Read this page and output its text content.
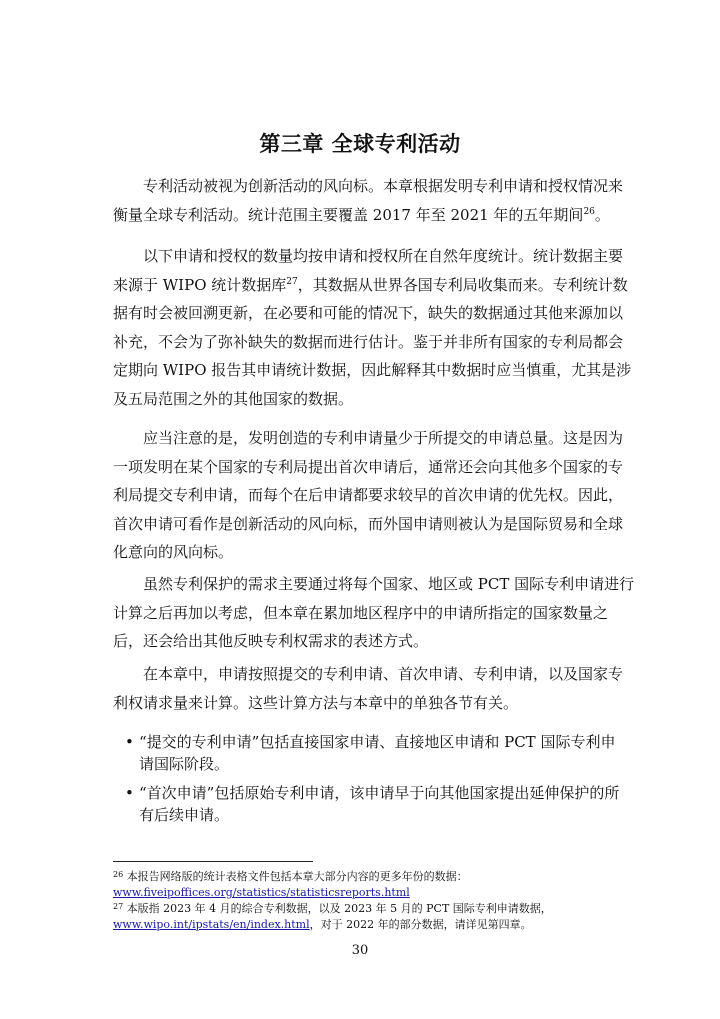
第三章 全球专利活动
专利活动被视为创新活动的风向标。本章根据发明专利申请和授权情况来
衡量全球专利活动。统计范围主要覆盖 2017 年至 2021 年的五年期间$^{26}$。
以下申请和授权的数量均按申请和授权所在自然年度统计。统计数据主要
来源于 WIPO 统计数据库$^{27}$，其数据从世界各国专利局收集而来。专利统计数
据有时会被回溯更新，在必要和可能的情况下，缺失的数据通过其他来源加以
补充，不会为了弥补缺失的数据而进行估计。鉴于并非所有国家的专利局都会
定期向 WIPO 报告其申请统计数据，因此解释其中数据时应当慎重，尤其是涉
及五局范围之外的其他国家的数据。
应当注意的是，发明创造的专利申请量少于所提交的申请总量。这是因为
一项发明在某个国家的专利局提出首次申请后，通常还会向其他多个国家的专
利局提交专利申请，而每个在后申请都要求较早的首次申请的优先权。因此，
首次申请可看作是创新活动的风向标，而外国申请则被认为是国际贸易和全球
化意向的风向标。
虽然专利保护的需求主要通过将每个国家、地区或 PCT 国际专利申请进行
计算之后再加以考虑，但本章在累加地区程序中的申请所指定的国家数量之
后，还会给出其他反映专利权需求的表述方式。
在本章中，申请按照提交的专利申请、首次申请、专利申请，以及国家专
利权请求量来计算。这些计算方法与本章中的单独各节有关。
• “提交的专利申请”包括直接国家申请、直接地区申请和 PCT 国际专利申请国际阶段。
• “首次申请”包括原始专利申请，该申请早于向其他国家提出延伸保护的所有后续申请。
$^{26}$ 本报告网络版的统计表格文件包括本章大部分内容的更多年份的数据：
www.fiveipoffices.org/statistics/statisticsreports.html
$^{27}$ 本版指 2023 年 4 月的综合专利数据，以及 2023 年 5 月的 PCT 国际专利申请数据，www.wipo.int/ipstats/en/index.html，对于 2022 年的部分数据，请详见第四章。
30
